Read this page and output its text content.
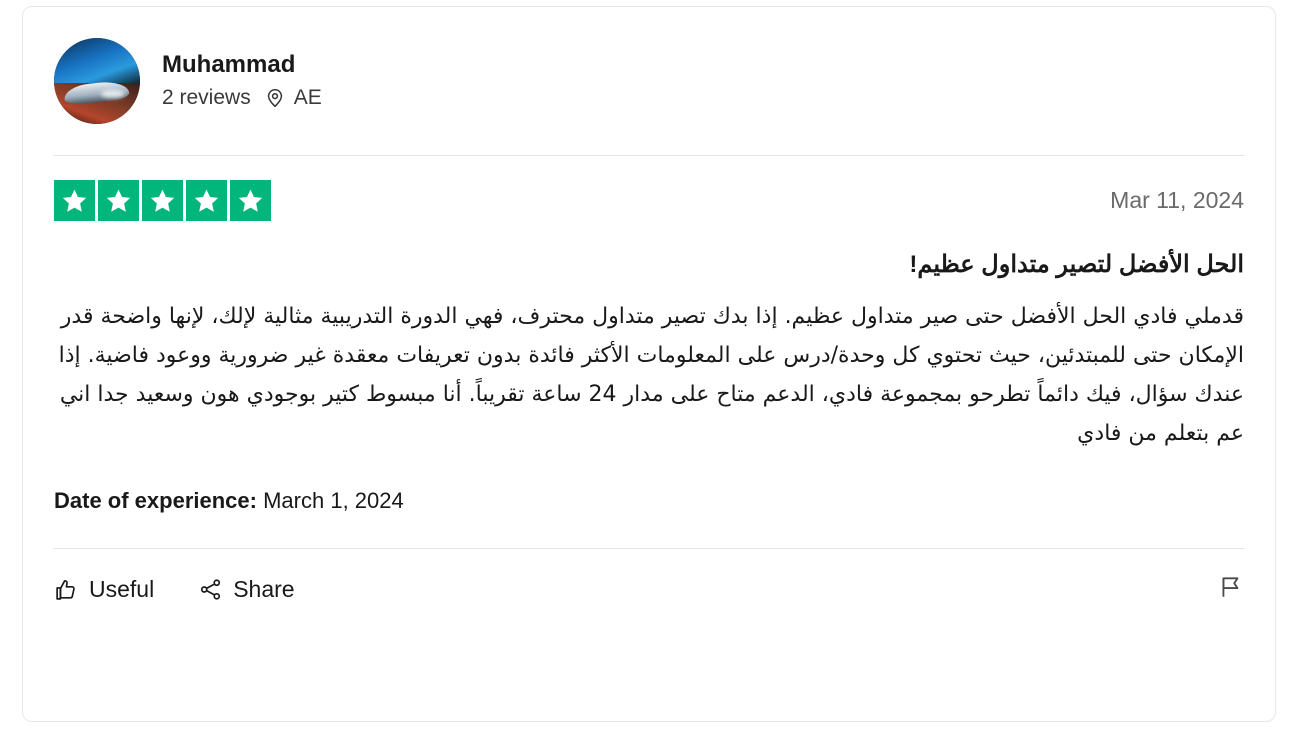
Muhammad
2 reviews AE
Mar 11, 2024
الحل الأفضل لتصير متداول عظيم!

قدملي فادي الحل الأفضل حتى صير متداول عظيم. إذا بدك تصير متداول محترف، فهي الدورة التدريبية مثالية لإلك، لإنها واضحة قدر الإمكان حتى للمبتدئين، حيث تحتوي كل وحدة/درس على المعلومات الأكثر فائدة بدون تعريفات معقدة غير ضرورية ووعود فاضية. إذا عندك سؤال، فيك دائماً تطرحو بمجموعة فادي، الدعم متاح على مدار 24 ساعة تقريباً. أنا مبسوط كتير بوجودي هون وسعيد جدا اني عم بتعلم من فادي

Date of experience: March 1, 2024
Useful	Share
